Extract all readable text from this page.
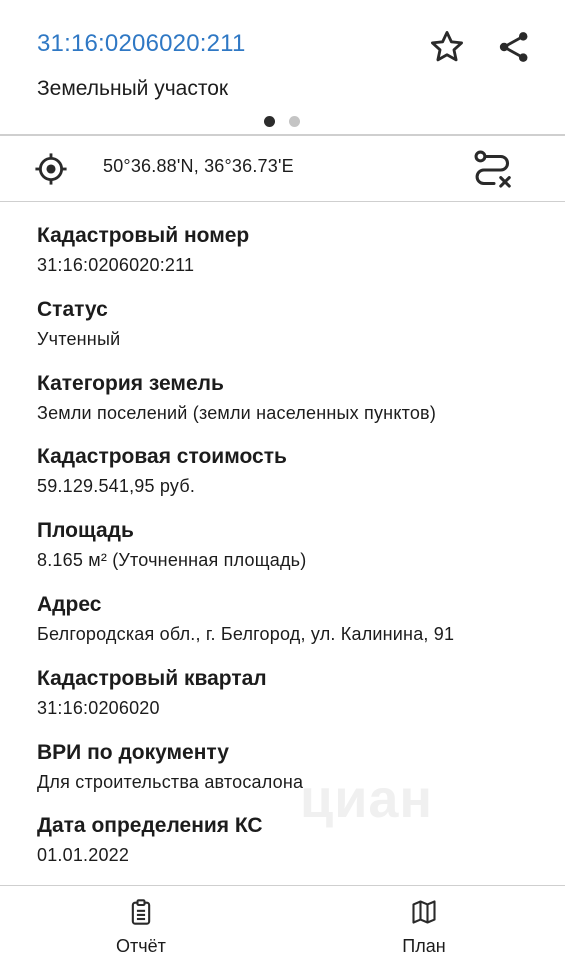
31:16:0206020:211
Земельный участок
50°36.88'N, 36°36.73'E
Кадастровый номер
31:16:0206020:211
Статус
Учтенный
Категория земель
Земли поселений (земли населенных пунктов)
Кадастровая стоимость
59.129.541,95 руб.
Площадь
8.165 м² (Уточненная площадь)
Адрес
Белгородская обл., г. Белгород, ул. Калинина, 91
Кадастровый квартал
31:16:0206020
ВРИ по документу
Для строительства автосалона
Дата определения КС
01.01.2022
циан
Отчёт	План
